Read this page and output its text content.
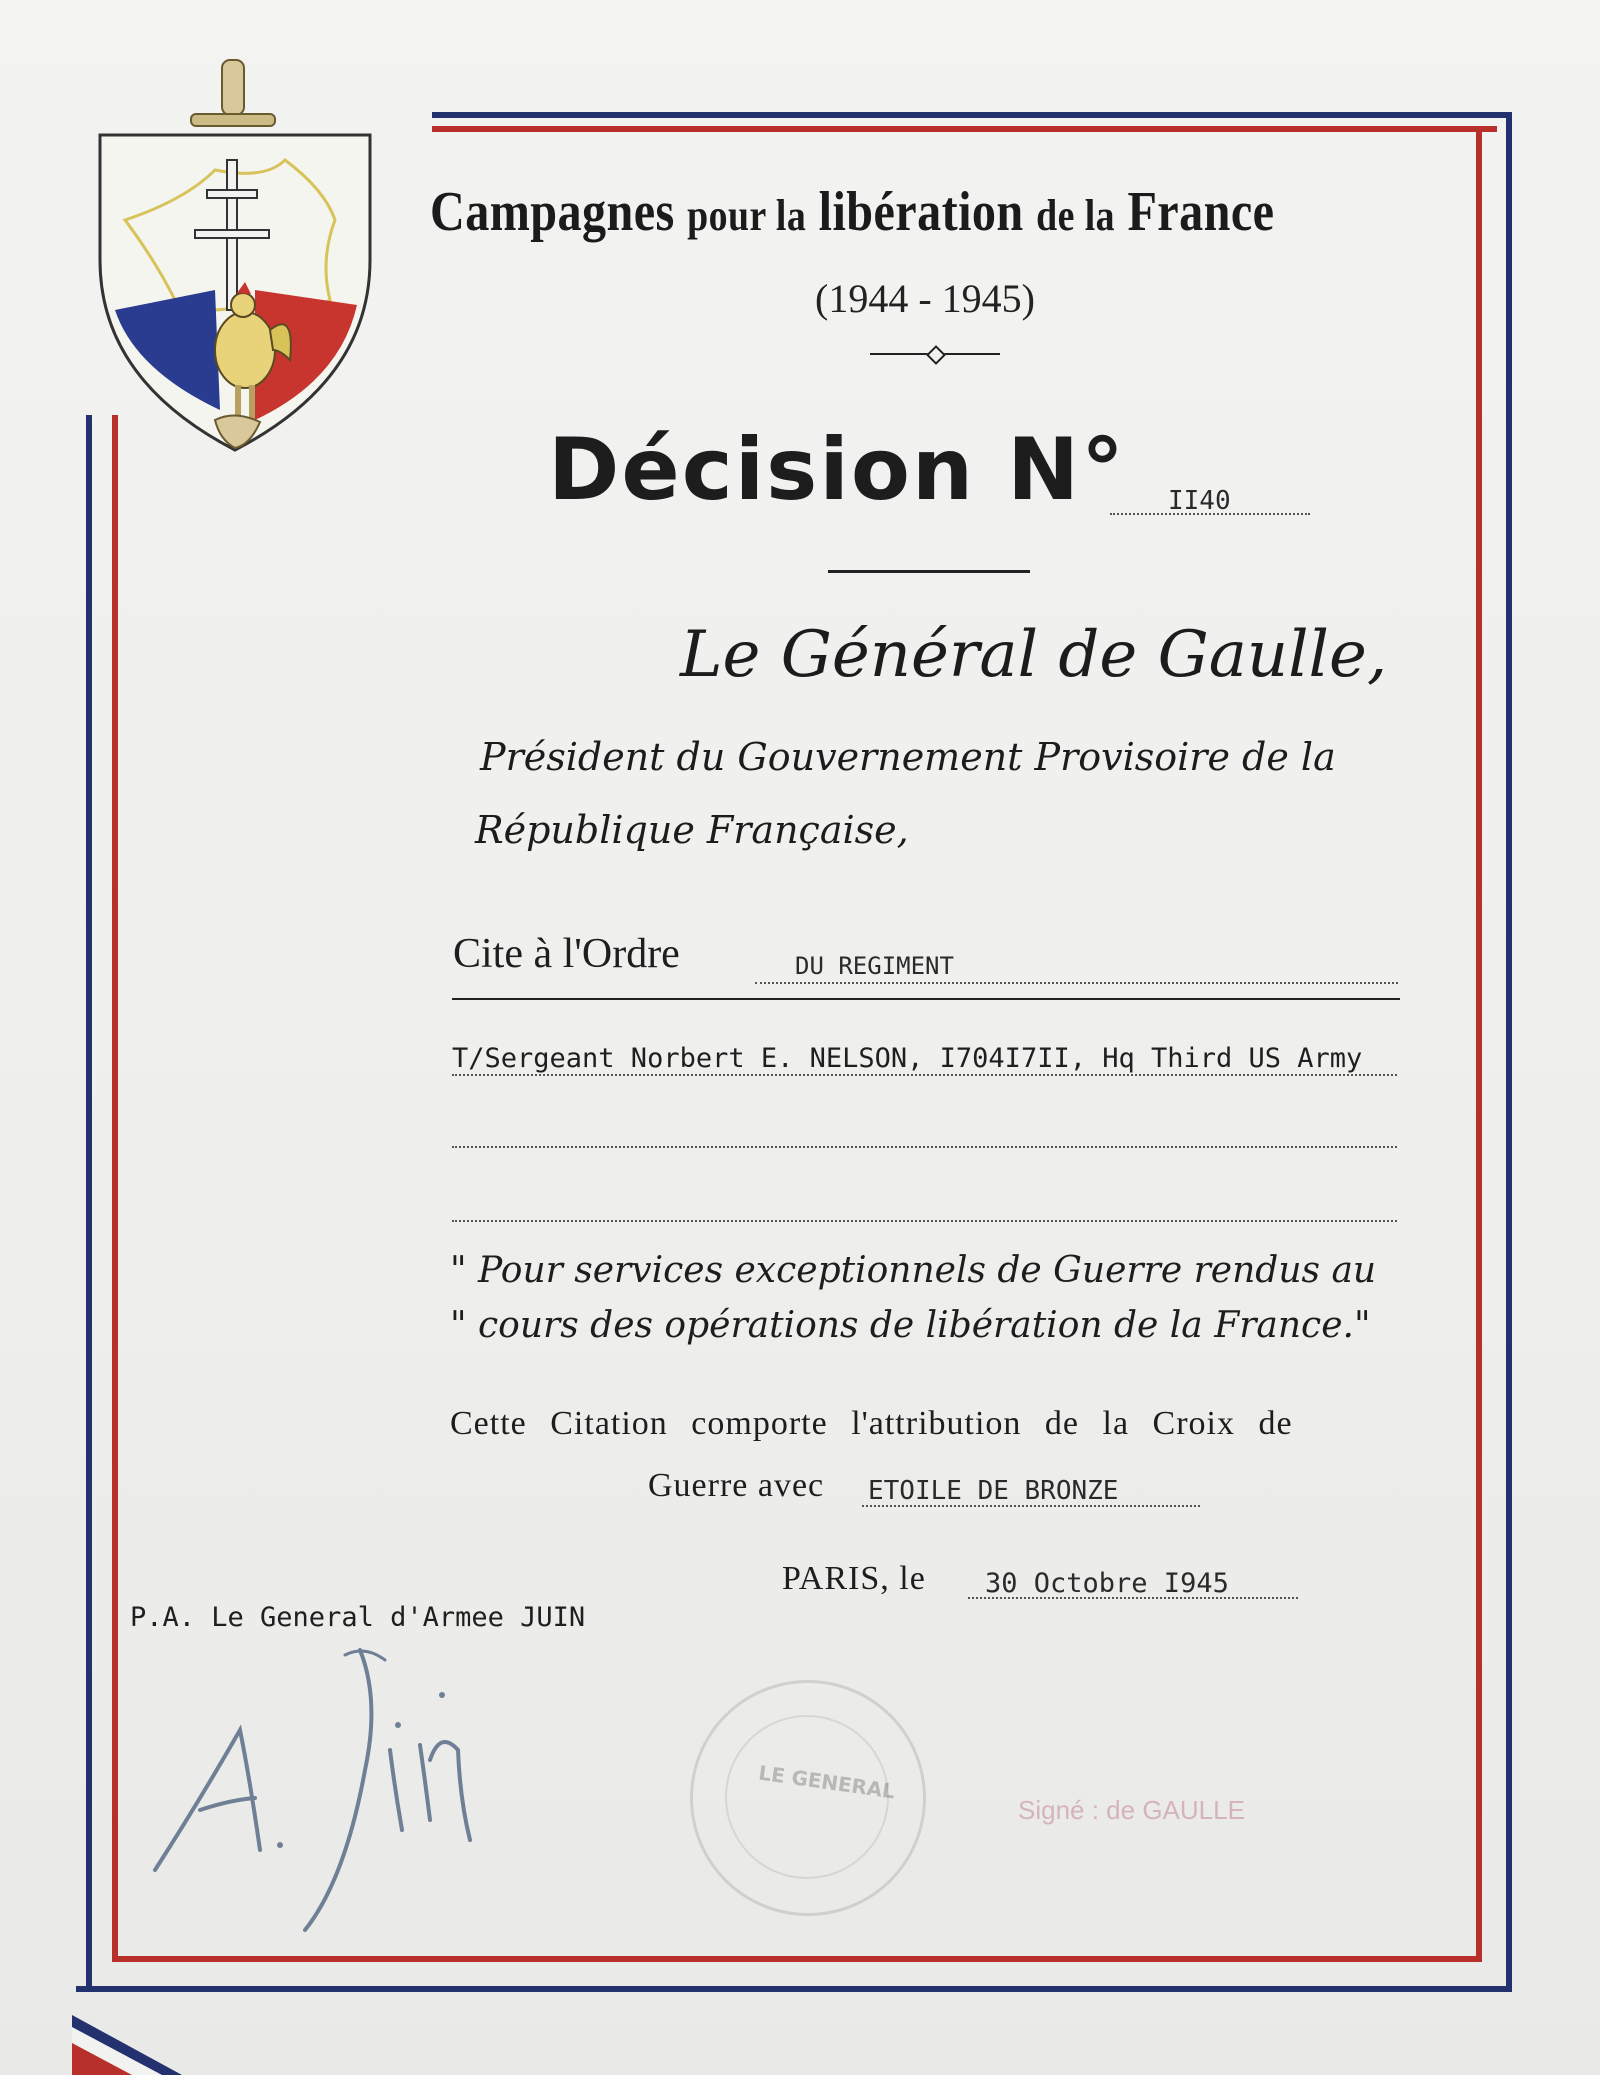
Campagnes pour la libération de la France
(1944 - 1945)
Décision N° II40
Le Général de Gaulle,
Président du Gouvernement Provisoire de la
République Française,
Cite à l'Ordre	DU REGIMENT
T/Sergeant Norbert E. NELSON, I704I7II, Hq Third US Army
" Pour services exceptionnels de Guerre rendus au
" cours des opérations de libération de la France."
Cette Citation comporte l'attribution de la Croix de
Guerre avec ETOILE DE BRONZE
PARIS, le 30 Octobre I945
P.A. Le General d'Armee JUIN
LE GENERAL
Signé : de GAULLE
